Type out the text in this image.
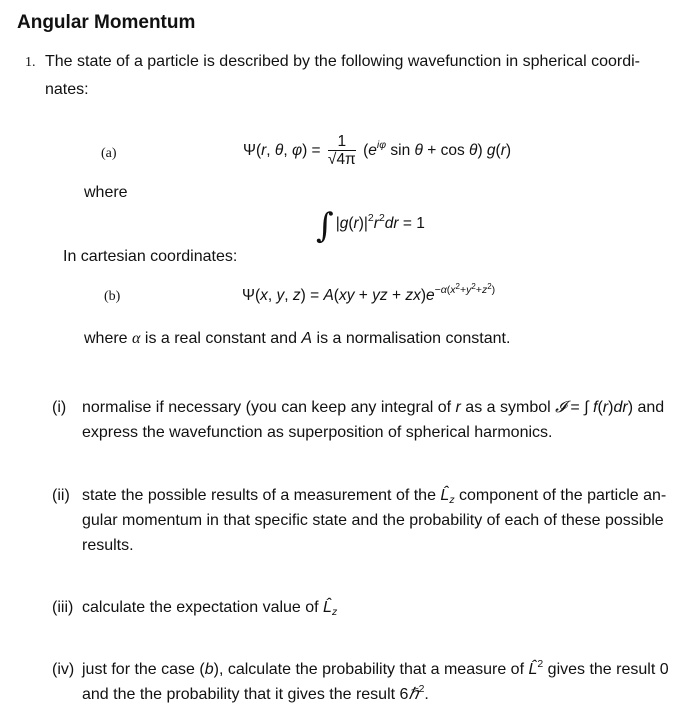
Angular Momentum
1. The state of a particle is described by the following wavefunction in spherical coordi-
nates:
(a)	Ψ(r, θ, $\varphi) = \frac{1}{√4\pi} (e^{i\varphi}$ sin θ + cos θ) g(r)
where
∫ $|g(r)|^2r^2dr = 1$
In cartesian coordinates:
(b)	Ψ(x, y, z) = A(xy + yz + $zx)e^{-\alpha(x^2+y^2+z^2)}$
where α is a real constant and A is a normalisation constant.
(i) normalise if necessary (you can keep any integral of r as a symbol 𝓘 = ∫ f(r)dr) and
express the wavefunction as superposition of spherical harmonics.
(ii) state the possible results of a measurement of the $L̂_z$ component of the particle an-
gular momentum in that specific state and the probability of each of these possible
results.
(iii) calculate the expectation value of $L̂_z$
(iv) just for the case (b), calculate the probability that a measure of L̂$^2$ gives the result 0
and the the probability that it gives the result 6ℏ$^2$.
